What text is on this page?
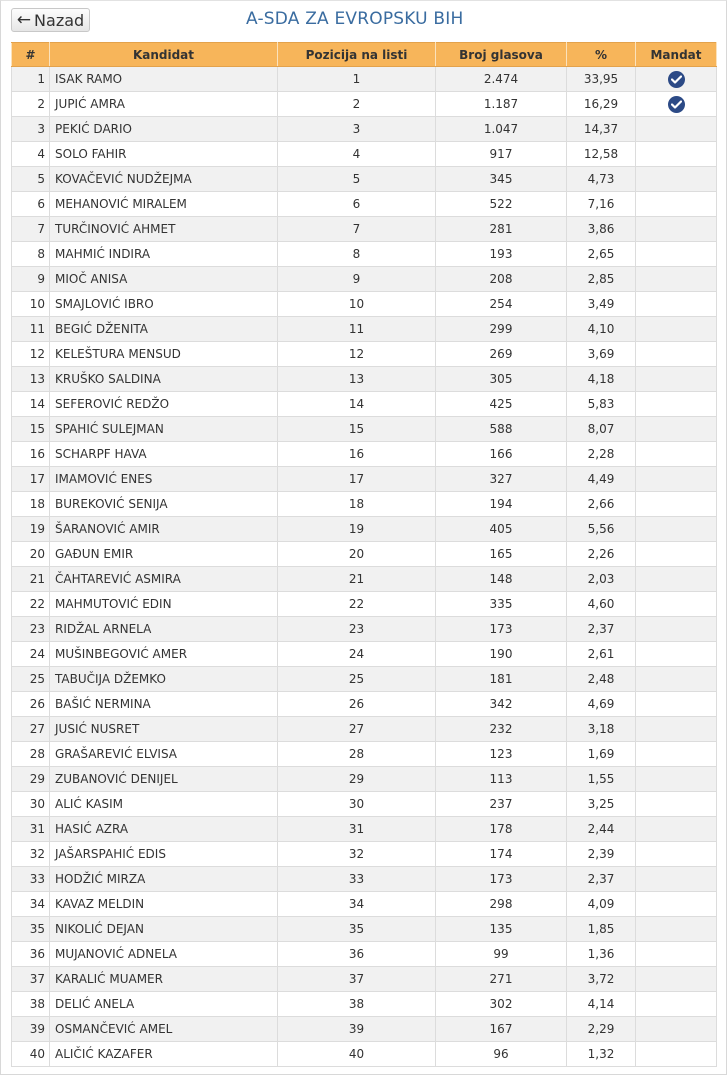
← Nazad	A-SDA ZA EVROPSKU BIH
#	Kandidat	Pozicija na listi	Broj glasova	%	Mandat
1	ISAK RAMO	1	2.474	33,95	

2	JUPIĆ AMRA	2	1.187	16,29	

3	PEKIĆ DARIO	3	1.047	14,37	
4	SOLO FAHIR	4	917	12,58	
5	KOVAČEVIĆ NUDŽEJMA	5	345	4,73	
6	MEHANOVIĆ MIRALEM	6	522	7,16	
7	TURČINOVIĆ AHMET	7	281	3,86	
8	MAHMIĆ INDIRA	8	193	2,65	
9	MIOČ ANISA	9	208	2,85	
10	SMAJLOVIĆ IBRO	10	254	3,49	
11	BEGIĆ DŽENITA	11	299	4,10	
12	KELEŠTURA MENSUD	12	269	3,69	
13	KRUŠKO SALDINA	13	305	4,18	
14	SEFEROVIĆ REDŽO	14	425	5,83	
15	SPAHIĆ SULEJMAN	15	588	8,07	
16	SCHARPF HAVA	16	166	2,28	
17	IMAMOVIĆ ENES	17	327	4,49	
18	BUREKOVIĆ SENIJA	18	194	2,66	
19	ŠARANOVIĆ AMIR	19	405	5,56	
20	GAĐUN EMIR	20	165	2,26	
21	ČAHTAREVIĆ ASMIRA	21	148	2,03	
22	MAHMUTOVIĆ EDIN	22	335	4,60	
23	RIDŽAL ARNELA	23	173	2,37	
24	MUŠINBEGOVIĆ AMER	24	190	2,61	
25	TABUČIJA DŽEMKO	25	181	2,48	
26	BAŠIĆ NERMINA	26	342	4,69	
27	JUSIĆ NUSRET	27	232	3,18	
28	GRAŠAREVIĆ ELVISA	28	123	1,69	
29	ZUBANOVIĆ DENIJEL	29	113	1,55	
30	ALIĆ KASIM	30	237	3,25	
31	HASIĆ AZRA	31	178	2,44	
32	JAŠARSPAHIĆ EDIS	32	174	2,39	
33	HODŽIĆ MIRZA	33	173	2,37	
34	KAVAZ MELDIN	34	298	4,09	
35	NIKOLIĆ DEJAN	35	135	1,85	
36	MUJANOVIĆ ADNELA	36	99	1,36	
37	KARALIĆ MUAMER	37	271	3,72	
38	DELIĆ ANELA	38	302	4,14	
39	OSMANČEVIĆ AMEL	39	167	2,29	
40	ALIČIĆ KAZAFER	40	96	1,32	
